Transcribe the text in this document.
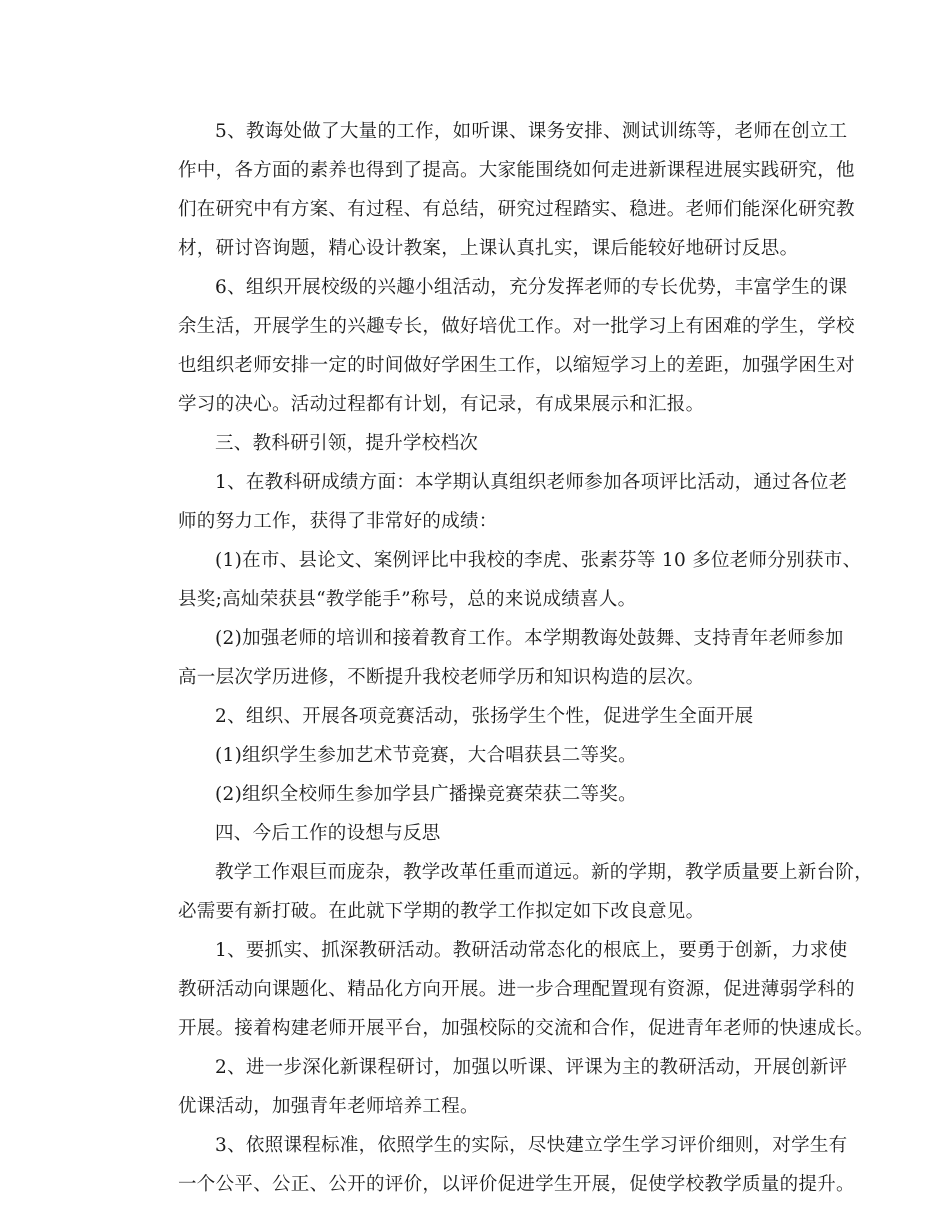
5、教诲处做了大量的工作，如听课、课务安排、测试训练等，老师在创立工
作中，各方面的素养也得到了提高。大家能围绕如何走进新课程进展实践研究，他
们在研究中有方案、有过程、有总结，研究过程踏实、稳进。老师们能深化研究教
材，研讨咨询题，精心设计教案，上课认真扎实，课后能较好地研讨反思。
6、组织开展校级的兴趣小组活动，充分发挥老师的专长优势，丰富学生的课
余生活，开展学生的兴趣专长，做好培优工作。对一批学习上有困难的学生，学校
也组织老师安排一定的时间做好学困生工作，以缩短学习上的差距，加强学困生对
学习的决心。活动过程都有计划，有记录，有成果展示和汇报。
三、教科研引领，提升学校档次
1、在教科研成绩方面：本学期认真组织老师参加各项评比活动，通过各位老
师的努力工作，获得了非常好的成绩：
(1)在市、县论文、案例评比中我校的李虎、张素芬等 10 多位老师分别获市、
县奖;高灿荣获县“教学能手”称号，总的来说成绩喜人。
(2)加强老师的培训和接着教育工作。本学期教诲处鼓舞、支持青年老师参加
高一层次学历进修，不断提升我校老师学历和知识构造的层次。
2、组织、开展各项竞赛活动，张扬学生个性，促进学生全面开展
(1)组织学生参加艺术节竞赛，大合唱获县二等奖。
(2)组织全校师生参加学县广播操竞赛荣获二等奖。
四、今后工作的设想与反思
教学工作艰巨而庞杂，教学改革任重而道远。新的学期，教学质量要上新台阶，
必需要有新打破。在此就下学期的教学工作拟定如下改良意见。
1、要抓实、抓深教研活动。教研活动常态化的根底上，要勇于创新，力求使
教研活动向课题化、精品化方向开展。进一步合理配置现有资源，促进薄弱学科的
开展。接着构建老师开展平台，加强校际的交流和合作，促进青年老师的快速成长。
2、进一步深化新课程研讨，加强以听课、评课为主的教研活动，开展创新评
优课活动，加强青年老师培养工程。
3、依照课程标准，依照学生的实际，尽快建立学生学习评价细则，对学生有
一个公平、公正、公开的评价，以评价促进学生开展，促使学校教学质量的提升。
